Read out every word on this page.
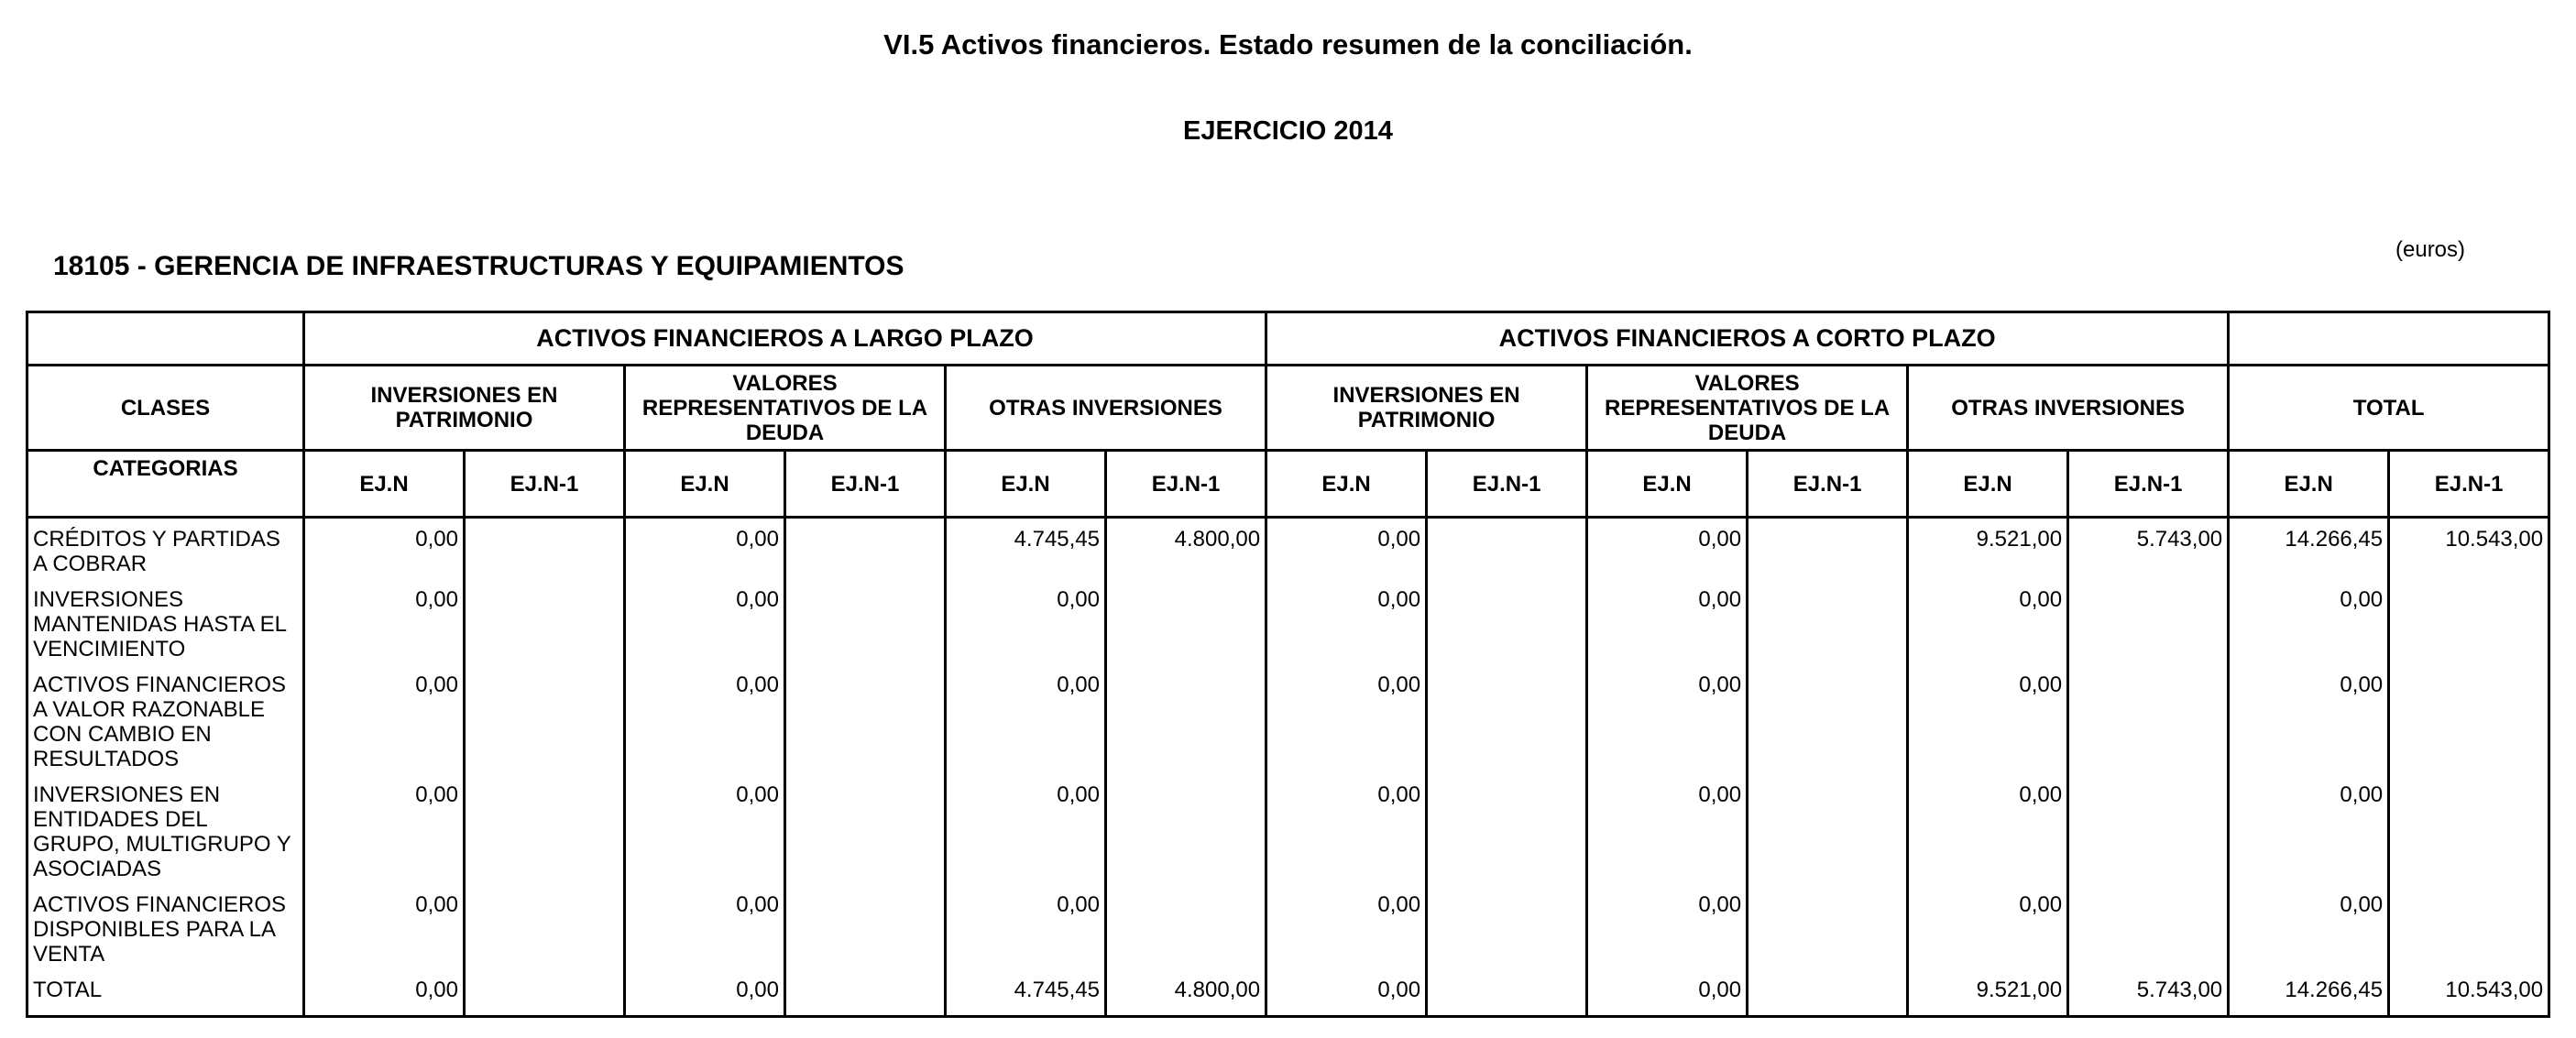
VI.5 Activos financieros. Estado resumen de la conciliación.
EJERCICIO 2014
18105 - GERENCIA DE INFRAESTRUCTURAS Y EQUIPAMIENTOS
(euros)
	ACTIVOS FINANCIEROS A LARGO PLAZO						ACTIVOS FINANCIEROS A CORTO PLAZO							
CLASES	INVERSIONES EN PATRIMONIO		VALORES REPRESENTATIVOS DE LA DEUDA		OTRAS INVERSIONES		INVERSIONES EN PATRIMONIO		VALORES REPRESENTATIVOS DE LA DEUDA		OTRAS INVERSIONES		TOTAL	
CATEGORIAS	EJ.N	EJ.N-1	EJ.N	EJ.N-1	EJ.N	EJ.N-1	EJ.N	EJ.N-1	EJ.N	EJ.N-1	EJ.N	EJ.N-1	EJ.N	EJ.N-1
CRÉDITOS Y PARTIDAS A COBRAR	0,00		0,00		4.745,45	4.800,00	0,00		0,00		9.521,00	5.743,00	14.266,45	10.543,00
INVERSIONES MANTENIDAS HASTA EL VENCIMIENTO	0,00		0,00		0,00		0,00		0,00		0,00		0,00	
ACTIVOS FINANCIEROS A VALOR RAZONABLE CON CAMBIO EN RESULTADOS	0,00		0,00		0,00		0,00		0,00		0,00		0,00	
INVERSIONES EN ENTIDADES DEL GRUPO, MULTIGRUPO Y ASOCIADAS	0,00		0,00		0,00		0,00		0,00		0,00		0,00	
ACTIVOS FINANCIEROS DISPONIBLES PARA LA VENTA	0,00		0,00		0,00		0,00		0,00		0,00		0,00	
TOTAL	0,00		0,00		4.745,45	4.800,00	0,00		0,00		9.521,00	5.743,00	14.266,45	10.543,00
